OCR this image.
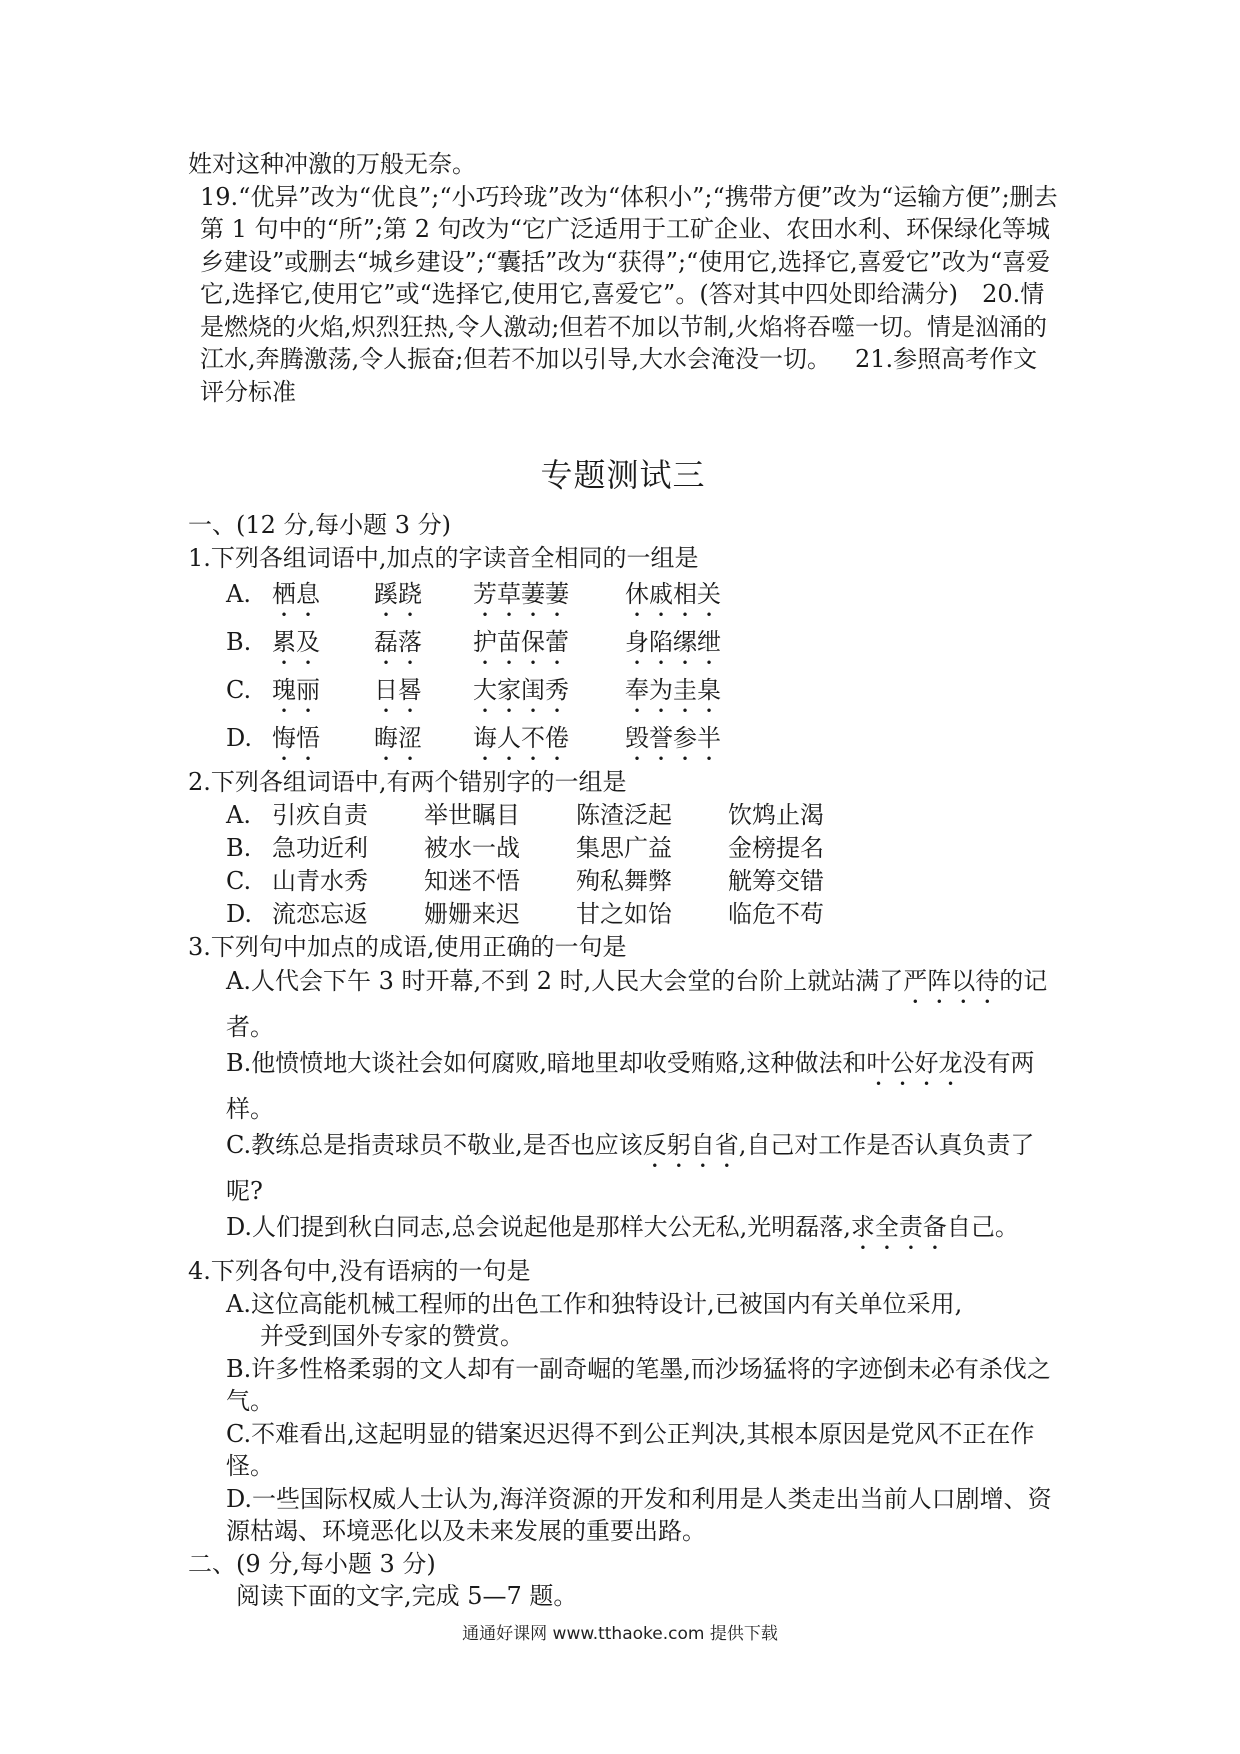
姓对这种冲激的万般无奈。

19.“优异”改为“优良”;“小巧玲珑”改为“体积小”;“携带方便”改为“运输方便”;删去第 1 句中的“所”;第 2 句改为“它广泛适用于工矿企业、农田水利、环保绿化等城乡建设”或删去“城乡建设”;“囊括”改为“获得”;“使用它,选择它,喜爱它”改为“喜爱它,选择它,使用它”或“选择它,使用它,喜爱它”。(答对其中四处即给满分)  20.情是燃烧的火焰,炽烈狂热,令人激动;但若不加以节制,火焰将吞噬一切。情是汹涌的江水,奔腾激荡,令人振奋;但若不加以引导,大水会淹没一切。  21.参照高考作文评分标准

专题测试三

一、(12 分,每小题 3 分)

1.下列各组词语中,加点的字读音全相同的一组是

A. 栖息	蹊跷	芳草萋萋	休戚相关
B. 累及	磊落	护苗保蕾	身陷缧绁
C. 瑰丽	日晷	大家闺秀	奉为圭臬
D. 悔悟	晦涩	诲人不倦	毁誉参半

2.下列各组词语中,有两个错别字的一组是

A. 引疚自责	举世瞩目	陈渣泛起	饮鸩止渴
B. 急功近利	被水一战	集思广益	金榜提名
C. 山青水秀	知迷不悟	殉私舞弊	觥筹交错
D. 流恋忘返	姗姗来迟	甘之如饴	临危不苟

3.下列句中加点的成语,使用正确的一句是

A.人代会下午 3 时开幕,不到 2 时,人民大会堂的台阶上就站满了严阵以待的记者。

B.他愤愤地大谈社会如何腐败,暗地里却收受贿赂,这种做法和叶公好龙没有两样。

C.教练总是指责球员不敬业,是否也应该反躬自省,自己对工作是否认真负责了呢?

D.人们提到秋白同志,总会说起他是那样大公无私,光明磊落,求全责备自己。

4.下列各句中,没有语病的一句是

A.这位高能机械工程师的出色工作和独特设计,已被国内有关单位采用,

并受到国外专家的赞赏。

B.许多性格柔弱的文人却有一副奇崛的笔墨,而沙场猛将的字迹倒未必有杀伐之气。

C.不难看出,这起明显的错案迟迟得不到公正判决,其根本原因是党风不正在作怪。

D.一些国际权威人士认为,海洋资源的开发和利用是人类走出当前人口剧增、资源枯竭、环境恶化以及未来发展的重要出路。

二、(9 分,每小题 3 分)

阅读下面的文字,完成 5—7 题。

通通好课网 www.tthaoke.com 提供下载
